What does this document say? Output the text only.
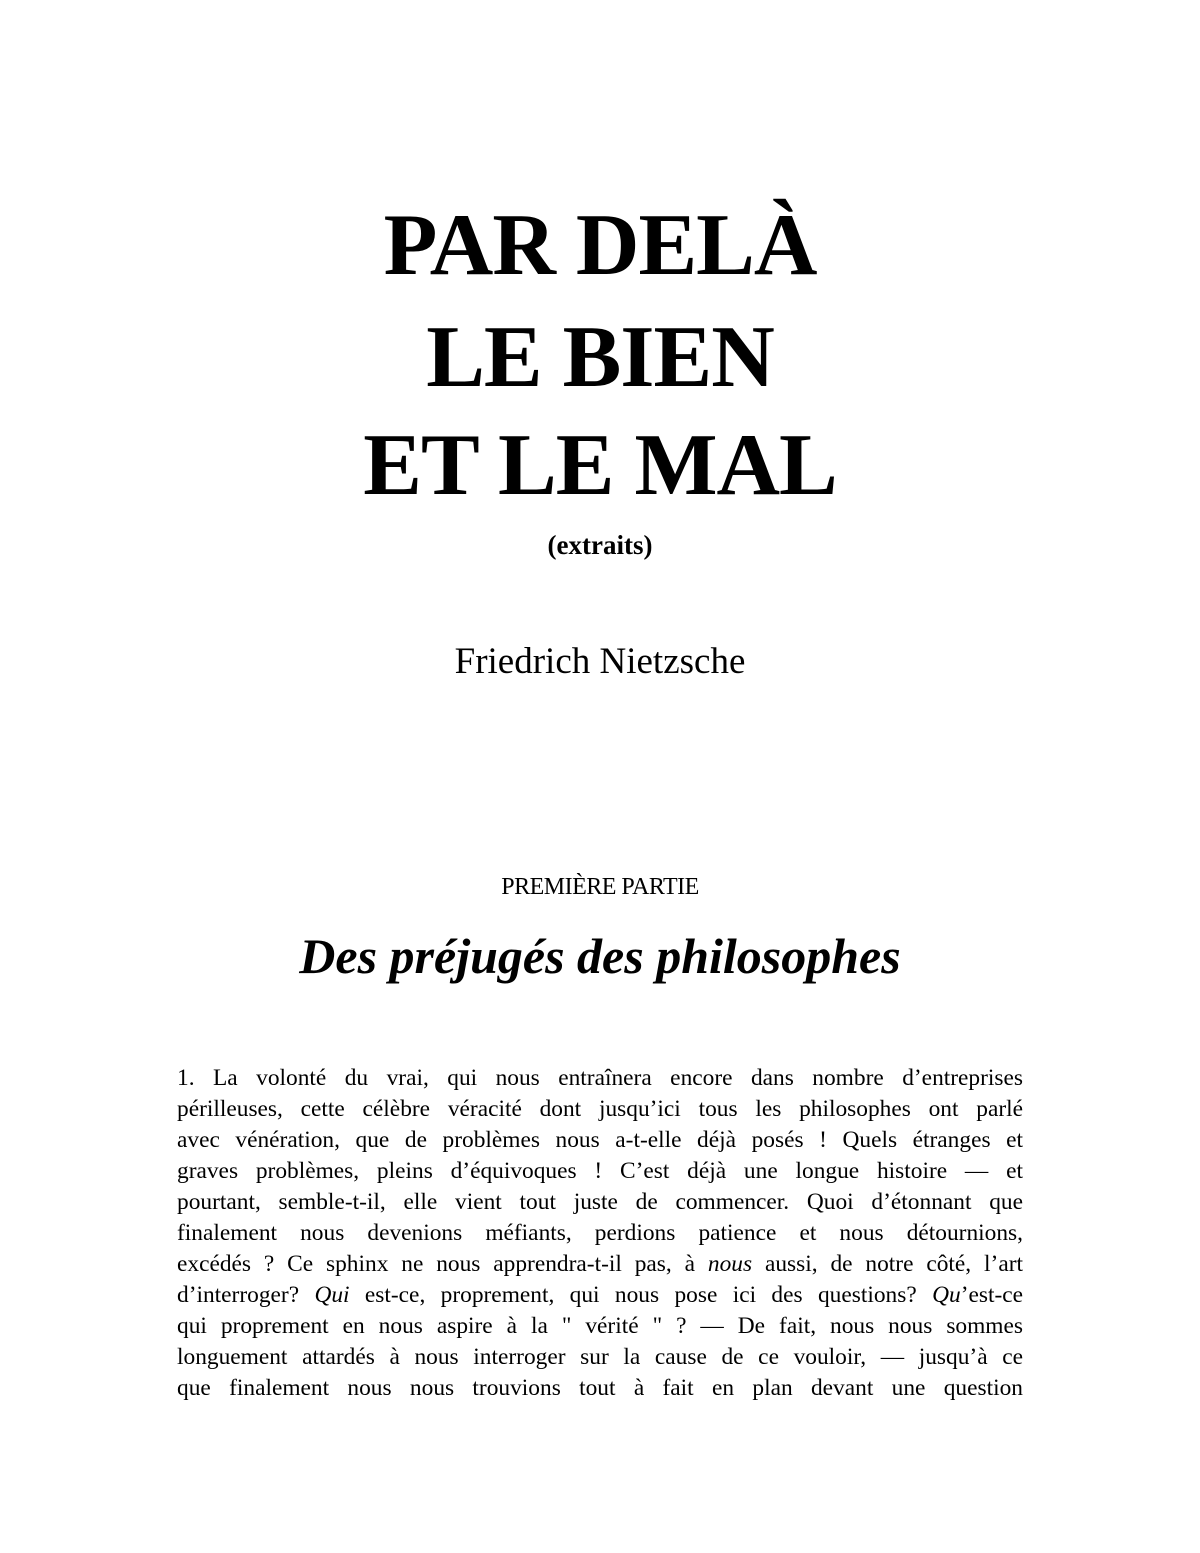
PAR DELÀ
LE BIEN
ET LE MAL

(extraits)

Friedrich Nietzsche

PREMIÈRE PARTIE

Des préjugés des philosophes
1. La volonté du vrai, qui nous entraînera encore dans nombre d’entreprises
périlleuses, cette célèbre véracité dont jusqu’ici tous les philosophes ont parlé
avec vénération, que de problèmes nous a-t-elle déjà posés ! Quels étranges et
graves problèmes, pleins d’équivoques ! C’est déjà une longue histoire — et
pourtant, semble-t-il, elle vient tout juste de commencer. Quoi d’étonnant que
finalement nous devenions méfiants, perdions patience et nous détournions,
excédés ? Ce sphinx ne nous apprendra-t-il pas, à nous aussi, de notre côté, l’art
d’interroger? Qui est-ce, proprement, qui nous pose ici des questions? Qu’est-ce
qui proprement en nous aspire à la " vérité " ? — De fait, nous nous sommes
longuement attardés à nous interroger sur la cause de ce vouloir, — jusqu’à ce
que finalement nous nous trouvions tout à fait en plan devant une question
